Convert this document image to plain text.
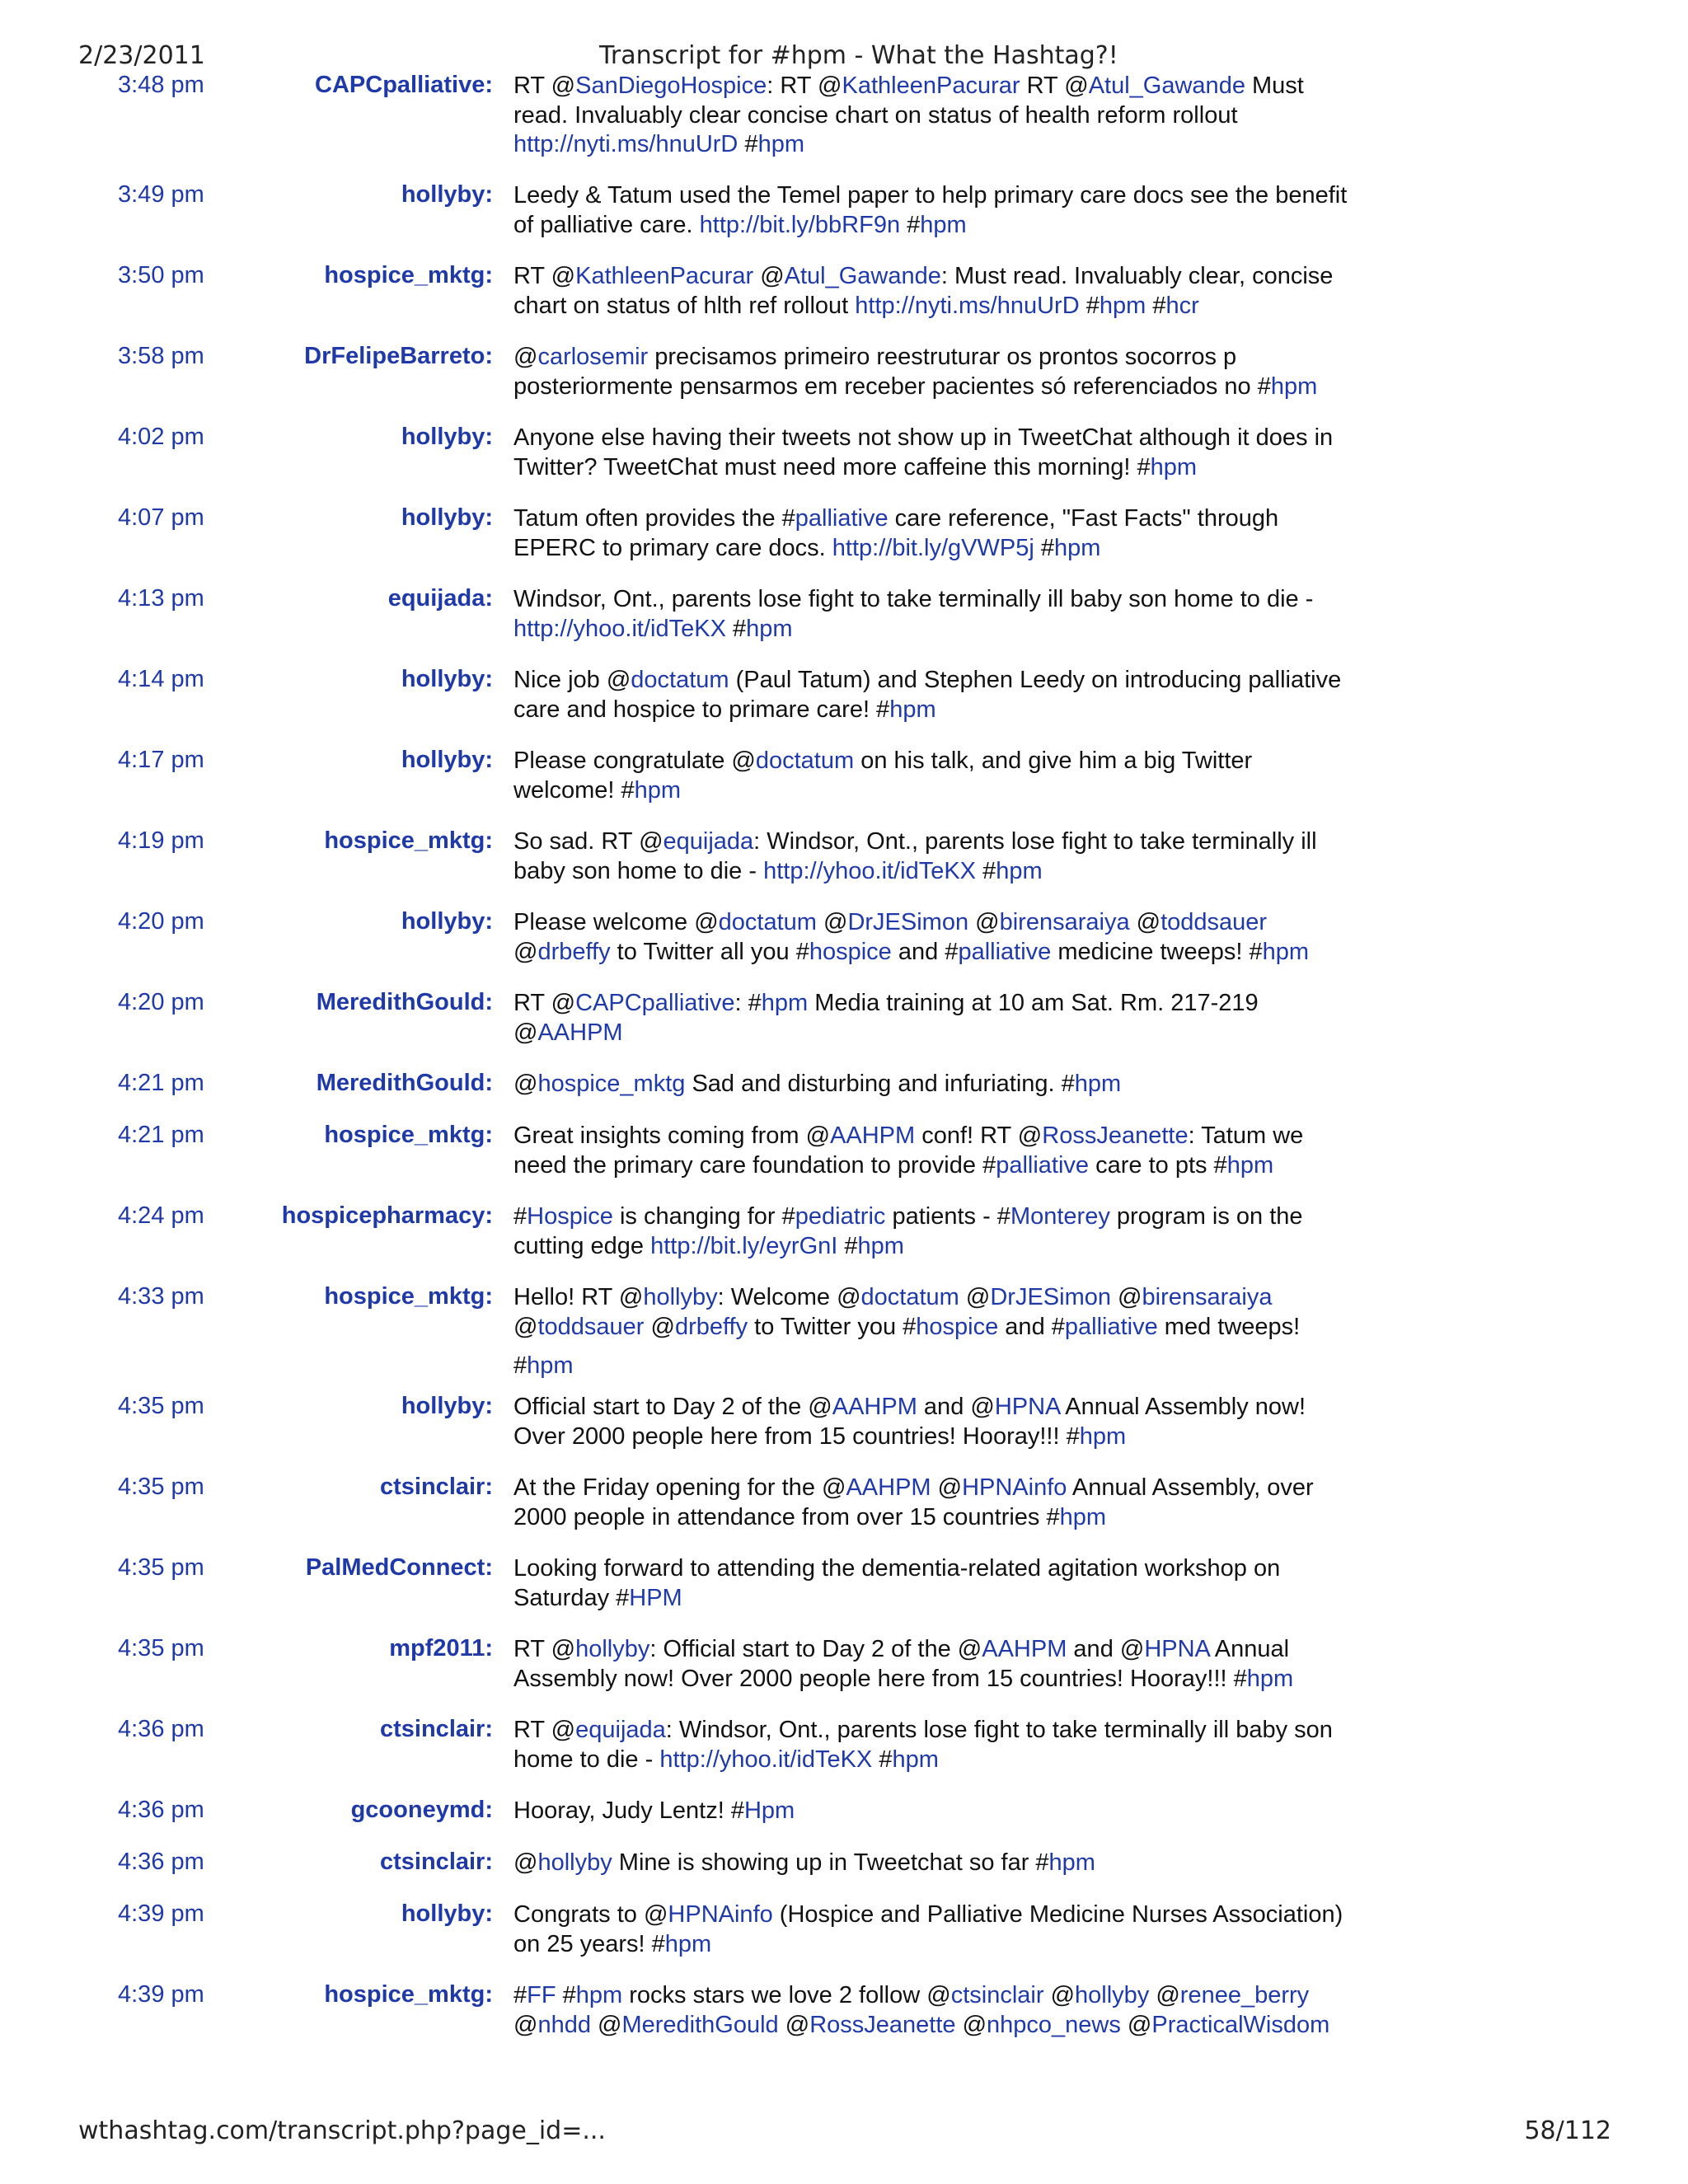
2/23/2011	Transcript for #hpm - What the Hashtag?!
3:48 pm	CAPCpalliative: RT @SanDiegoHospice: RT @KathleenPacurar RT @Atul_Gawande Must read. Invaluably clear concise chart on status of health reform rollout http://nyti.ms/hnuUrD #hpm
3:49 pm	hollyby: Leedy & Tatum used the Temel paper to help primary care docs see the benefit of palliative care. http://bit.ly/bbRF9n #hpm
3:50 pm	hospice_mktg: RT @KathleenPacurar @Atul_Gawande: Must read. Invaluably clear, concise chart on status of hlth ref rollout http://nyti.ms/hnuUrD #hpm #hcr
3:58 pm	DrFelipeBarreto: @carlosemir precisamos primeiro reestruturar os prontos socorros p posteriormente pensarmos em receber pacientes só referenciados no #hpm
4:02 pm	hollyby: Anyone else having their tweets not show up in TweetChat although it does in Twitter? TweetChat must need more caffeine this morning! #hpm
4:07 pm	hollyby: Tatum often provides the #palliative care reference, "Fast Facts" through EPERC to primary care docs. http://bit.ly/gVWP5j #hpm
4:13 pm	equijada: Windsor, Ont., parents lose fight to take terminally ill baby son home to die - http://yhoo.it/idTeKX #hpm
4:14 pm	hollyby: Nice job @doctatum (Paul Tatum) and Stephen Leedy on introducing palliative care and hospice to primare care! #hpm
4:17 pm	hollyby: Please congratulate @doctatum on his talk, and give him a big Twitter welcome! #hpm
4:19 pm	hospice_mktg: So sad. RT @equijada: Windsor, Ont., parents lose fight to take terminally ill baby son home to die - http://yhoo.it/idTeKX #hpm
4:20 pm	hollyby: Please welcome @doctatum @DrJESimon @birensaraiya @toddsauer @drbeffy to Twitter all you #hospice and #palliative medicine tweeps! #hpm
4:20 pm	MeredithGould: RT @CAPCpalliative: #hpm Media training at 10 am Sat. Rm. 217-219 @AAHPM
4:21 pm	MeredithGould: @hospice_mktg Sad and disturbing and infuriating. #hpm
4:21 pm	hospice_mktg: Great insights coming from @AAHPM conf! RT @RossJeanette: Tatum we need the primary care foundation to provide #palliative care to pts #hpm
4:24 pm	hospicepharmacy: #Hospice is changing for #pediatric patients - #Monterey program is on the cutting edge http://bit.ly/eyrGnI #hpm
4:33 pm	hospice_mktg: Hello! RT @hollyby: Welcome @doctatum @DrJESimon @birensaraiya @toddsauer @drbeffy to Twitter you #hospice and #palliative med tweeps!
#hpm
4:35 pm	hollyby: Official start to Day 2 of the @AAHPM and @HPNA Annual Assembly now! Over 2000 people here from 15 countries! Hooray!!! #hpm
4:35 pm	ctsinclair: At the Friday opening for the @AAHPM @HPNAinfo Annual Assembly, over 2000 people in attendance from over 15 countries #hpm
4:35 pm	PalMedConnect: Looking forward to attending the dementia-related agitation workshop on Saturday #HPM
4:35 pm	mpf2011: RT @hollyby: Official start to Day 2 of the @AAHPM and @HPNA Annual Assembly now! Over 2000 people here from 15 countries! Hooray!!! #hpm
4:36 pm	ctsinclair: RT @equijada: Windsor, Ont., parents lose fight to take terminally ill baby son home to die - http://yhoo.it/idTeKX #hpm
4:36 pm	gcooneymd: Hooray, Judy Lentz! #Hpm
4:36 pm	ctsinclair: @hollyby Mine is showing up in Tweetchat so far #hpm
4:39 pm	hollyby: Congrats to @HPNAinfo (Hospice and Palliative Medicine Nurses Association) on 25 years! #hpm
4:39 pm	hospice_mktg: #FF #hpm rocks stars we love 2 follow @ctsinclair @hollyby @renee_berry @nhdd @MeredithGould @RossJeanette @nhpco_news @PracticalWisdom
wthashtag.com/transcript.php?page_id=...	58/112
